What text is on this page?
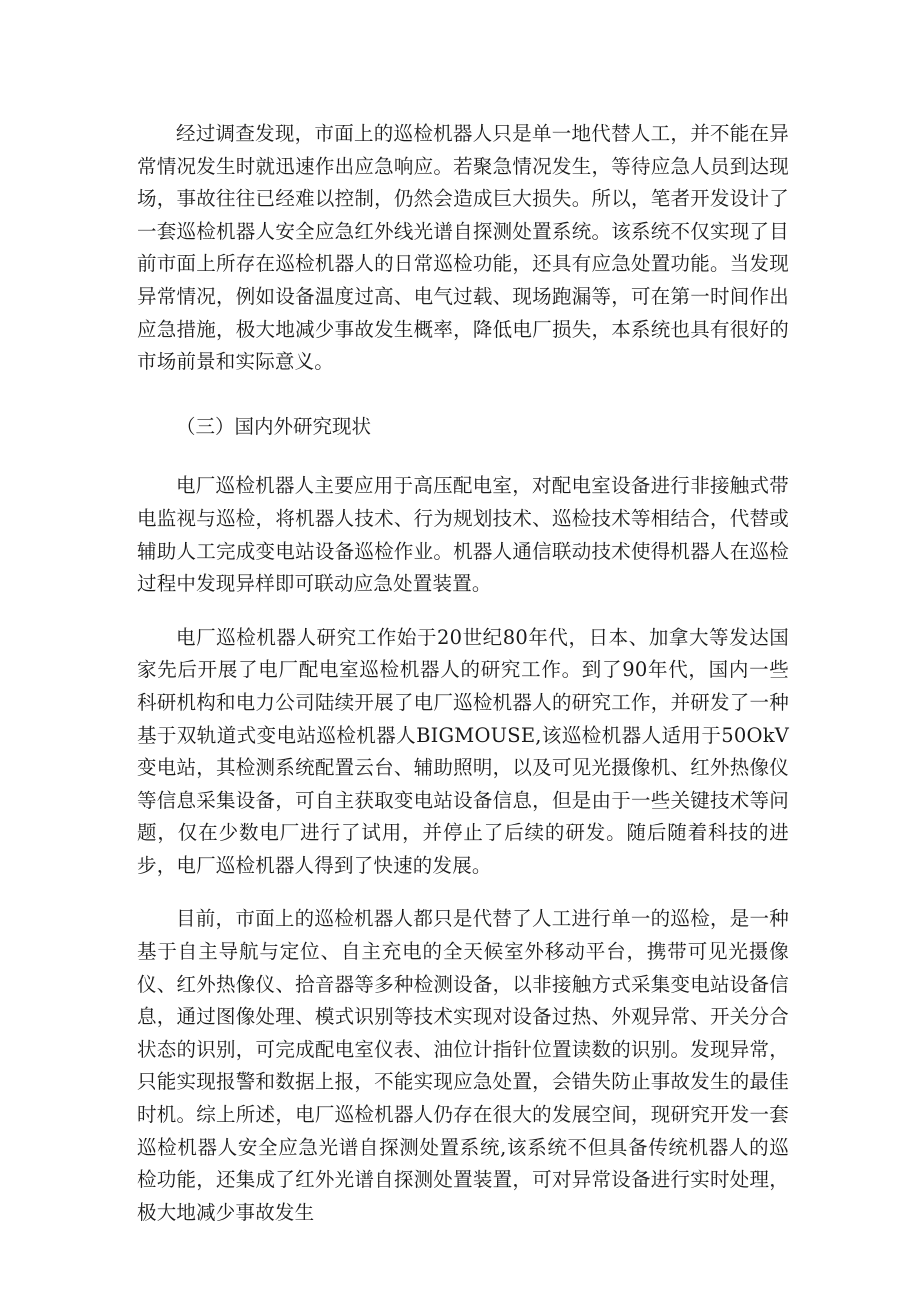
经过调查发现，市面上的巡检机器人只是单一地代替人工，并不能在异常情况发生时就迅速作出应急响应。若聚急情况发生，等待应急人员到达现场，事故往往已经难以控制，仍然会造成巨大损失。所以，笔者开发设计了一套巡检机器人安全应急红外线光谱自探测处置系统。该系统不仅实现了目前市面上所存在巡检机器人的日常巡检功能，还具有应急处置功能。当发现异常情况，例如设备温度过高、电气过载、现场跑漏等，可在第一时间作出应急措施，极大地减少事故发生概率，降低电厂损失，本系统也具有很好的市场前景和实际意义。

（三）国内外研究现状

电厂巡检机器人主要应用于高压配电室，对配电室设备进行非接触式带电监视与巡检，将机器人技术、行为规划技术、巡检技术等相结合，代替或辅助人工完成变电站设备巡检作业。机器人通信联动技术使得机器人在巡检过程中发现异样即可联动应急处置装置。

电厂巡检机器人研究工作始于20世纪80年代，日本、加拿大等发达国家先后开展了电厂配电室巡检机器人的研究工作。到了90年代，国内一些科研机构和电力公司陆续开展了电厂巡检机器人的研究工作，并研发了一种基于双轨道式变电站巡检机器人BIGMOUSE,该巡检机器人适用于50OkV变电站，其检测系统配置云台、辅助照明，以及可见光摄像机、红外热像仪等信息采集设备，可自主获取变电站设备信息，但是由于一些关键技术等问题，仅在少数电厂进行了试用，并停止了后续的研发。随后随着科技的进步，电厂巡检机器人得到了快速的发展。

目前，市面上的巡检机器人都只是代替了人工进行单一的巡检，是一种基于自主导航与定位、自主充电的全天候室外移动平台，携带可见光摄像仪、红外热像仪、拾音器等多种检测设备，以非接触方式采集变电站设备信息，通过图像处理、模式识别等技术实现对设备过热、外观异常、开关分合状态的识别，可完成配电室仪表、油位计指针位置读数的识别。发现异常，只能实现报警和数据上报，不能实现应急处置，会错失防止事故发生的最佳时机。综上所述，电厂巡检机器人仍存在很大的发展空间，现研究开发一套巡检机器人安全应急光谱自探测处置系统,该系统不但具备传统机器人的巡检功能，还集成了红外光谱自探测处置装置，可对异常设备进行实时处理，极大地减少事故发生
